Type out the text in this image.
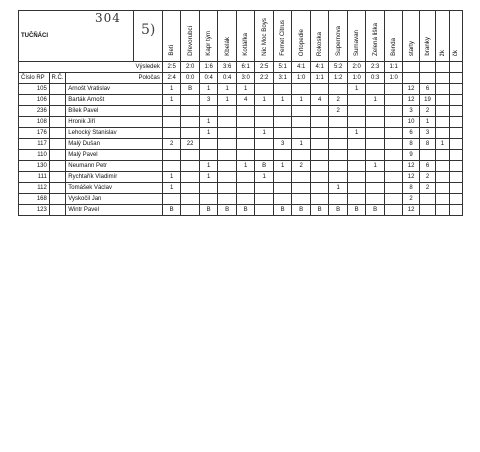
TUČŇÁCI				Beti	Dřevorubci	Kapr tým	Kbelák	Kotlářka	Nic Moc Boys	Fernet Citrus	Ortopedie	Rokoska	Supernova	Šumavan	Zelená liška	Benda	starty	branky	žk	čk
Výsledek				2:5	2:0	1:6	3:6	6:1	2:5	5:1	4:1	4:1	5:2	2:0	2:3	1:1				
Číslo RP	R.Č.	Poločas		2:4	0:0	0:4	0:4	3:0	2:2	3:1	1:0	1:1	1:2	1:0	0:3	1:0				
105		Arnošt Vratislav		1	B	1	1	1						1			12	6		
106		Barták Arnošt		1		3	1	4	1	1	1	4	2		1		12	19		
236		Bílek Pavel											2				3	2		
108		Hronik Jiří				1											10	1		
176		Lehocký Stanislav				1			1					1			6	3		
117		Malý Dušan		2	22					3	1						8	8	1	
110		Malý Pavel															9			
130		Neumann Petr				1		1	B	1	2				1		12	6		
111		Rychtařík Vladimír		1		1			1								12	2		
112		Tomášek Václav		1									1				8	2		
168		Vyskočil Jan															2			
123		Wintr Pavel		B		B	B	B		B	B	B	B	B	B		12			
304
5)
